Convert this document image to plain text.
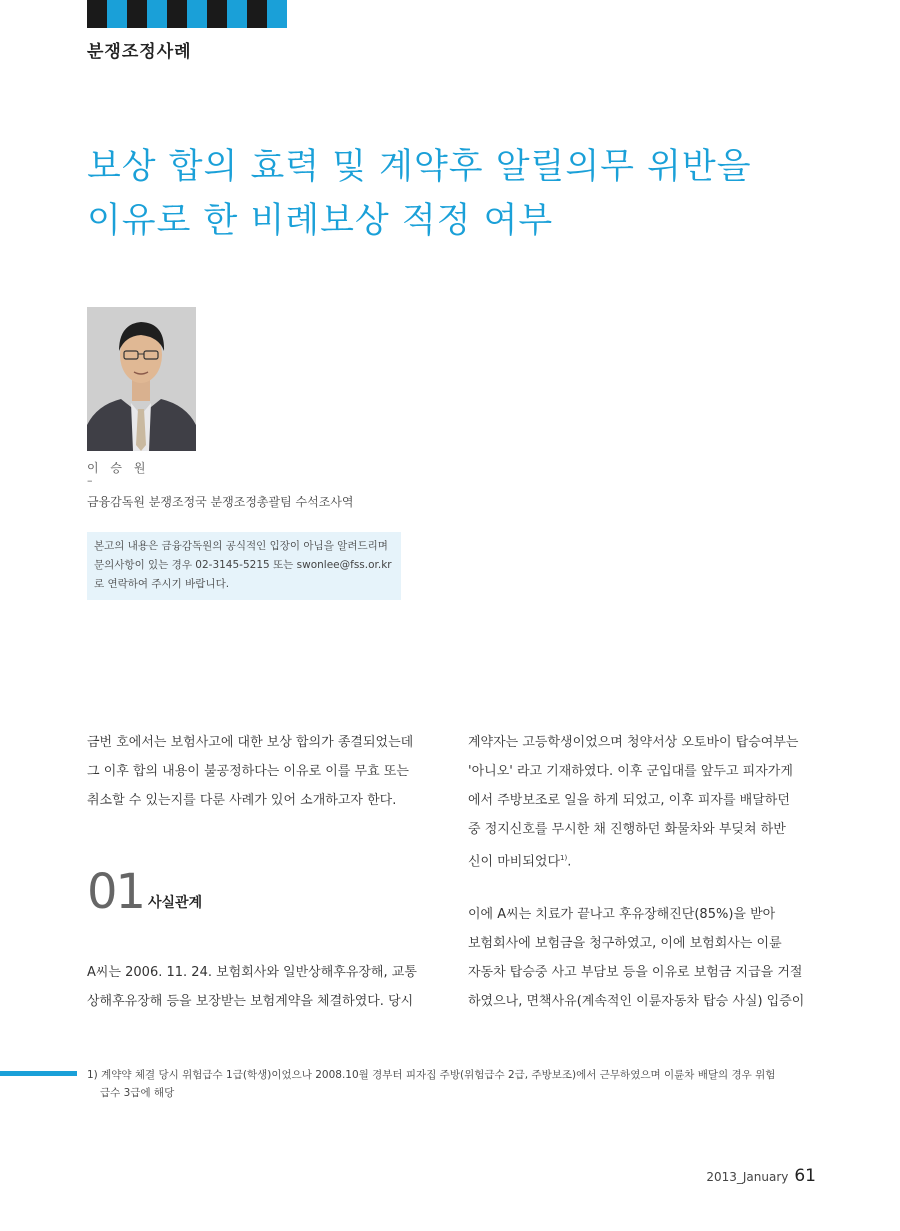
분쟁조정사례
보상 합의 효력 및 계약후 알릴의무 위반을
이유로 한 비례보상 적정 여부
이 승 원
–
금융감독원 분쟁조정국 분쟁조정총괄팀 수석조사역
본고의 내용은 금융감독원의 공식적인 입장이 아님을 알려드리며
문의사항이 있는 경우 02-3145-5215 또는 swonlee@fss.or.kr
로 연락하여 주시기 바랍니다.
금번 호에서는 보험사고에 대한 보상 합의가 종결되었는데
그 이후 합의 내용이 불공정하다는 이유로 이를 무효 또는
취소할 수 있는지를 다룬 사례가 있어 소개하고자 한다.
01 사실관계
A씨는 2006. 11. 24. 보험회사와 일반상해후유장해, 교통
상해후유장해 등을 보장받는 보험계약을 체결하였다. 당시
계약자는 고등학생이었으며 청약서상 오토바이 탑승여부는
'아니오' 라고 기재하였다. 이후 군입대를 앞두고 피자가게
에서 주방보조로 일을 하게 되었고, 이후 피자를 배달하던
중 정지신호를 무시한 채 진행하던 화물차와 부딪쳐 하반
신이 마비되었다$^{1)}$.
이에 A씨는 치료가 끝나고 후유장해진단(85%)을 받아
보험회사에 보험금을 청구하였고, 이에 보험회사는 이륜
자동차 탑승중 사고 부담보 등을 이유로 보험금 지급을 거절
하였으나, 면책사유(계속적인 이륜자동차 탑승 사실) 입증이
1) 계약약 체결 당시 위험급수 1급(학생)이었으나 2008.10월 경부터 피자집 주방(위험급수 2급, 주방보조)에서 근무하였으며 이륜차 배달의 경우 위험
급수 3급에 해당
2013_January 61
